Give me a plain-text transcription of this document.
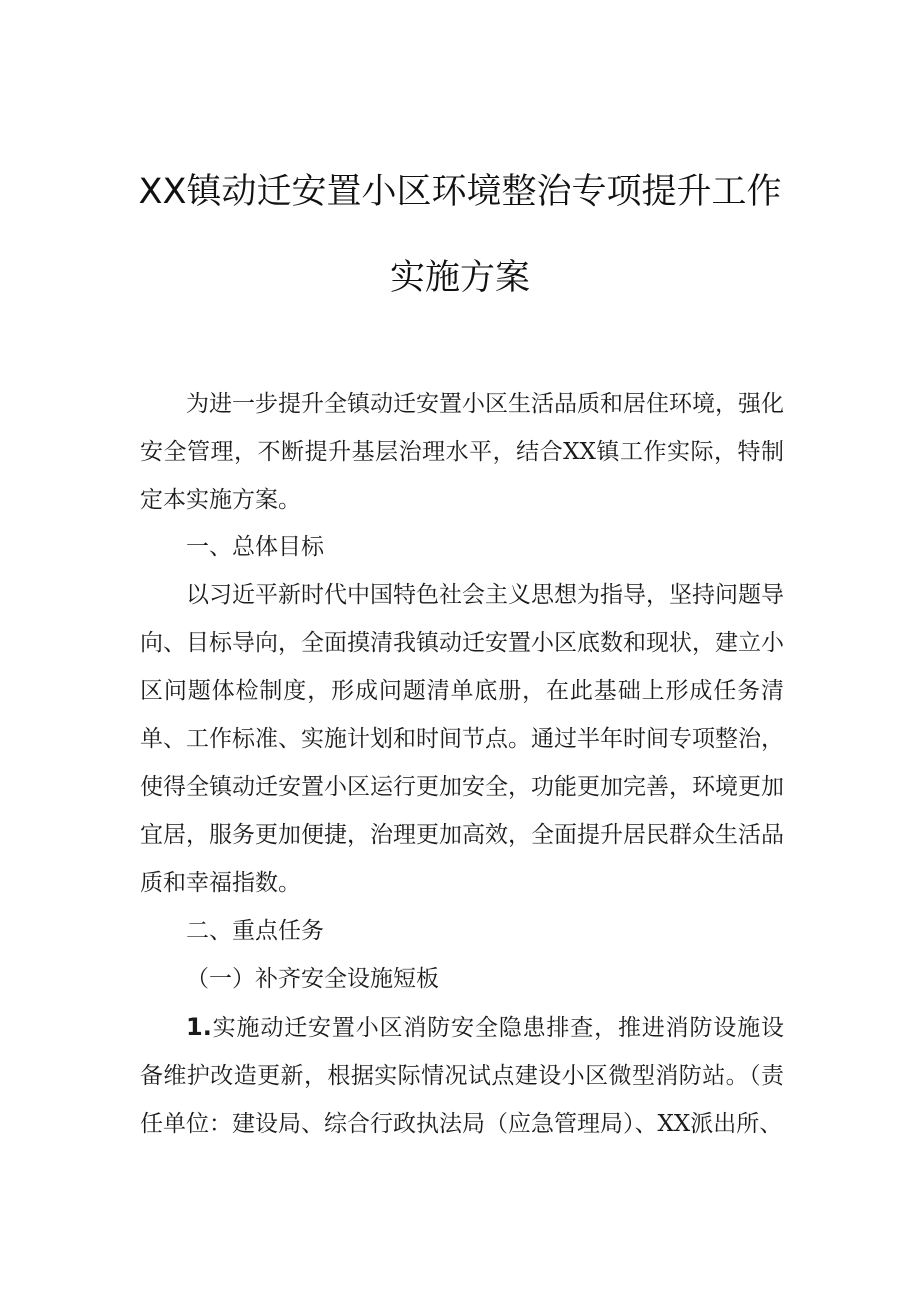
XX镇动迁安置小区环境整治专项提升工作
实施方案

为进一步提升全镇动迁安置小区生活品质和居住环境，强化安全管理，不断提升基层治理水平，结合XX镇工作实际，特制定本实施方案。

一、总体目标

以习近平新时代中国特色社会主义思想为指导，坚持问题导向、目标导向，全面摸清我镇动迁安置小区底数和现状，建立小区问题体检制度，形成问题清单底册，在此基础上形成任务清单、工作标准、实施计划和时间节点。通过半年时间专项整治，使得全镇动迁安置小区运行更加安全，功能更加完善，环境更加宜居，服务更加便捷，治理更加高效，全面提升居民群众生活品质和幸福指数。

二、重点任务

（一）补齐安全设施短板

1.实施动迁安置小区消防安全隐患排查，推进消防设施设备维护改造更新，根据实际情况试点建设小区微型消防站。（责任单位：建设局、综合行政执法局（应急管理局）、XX派出所、
